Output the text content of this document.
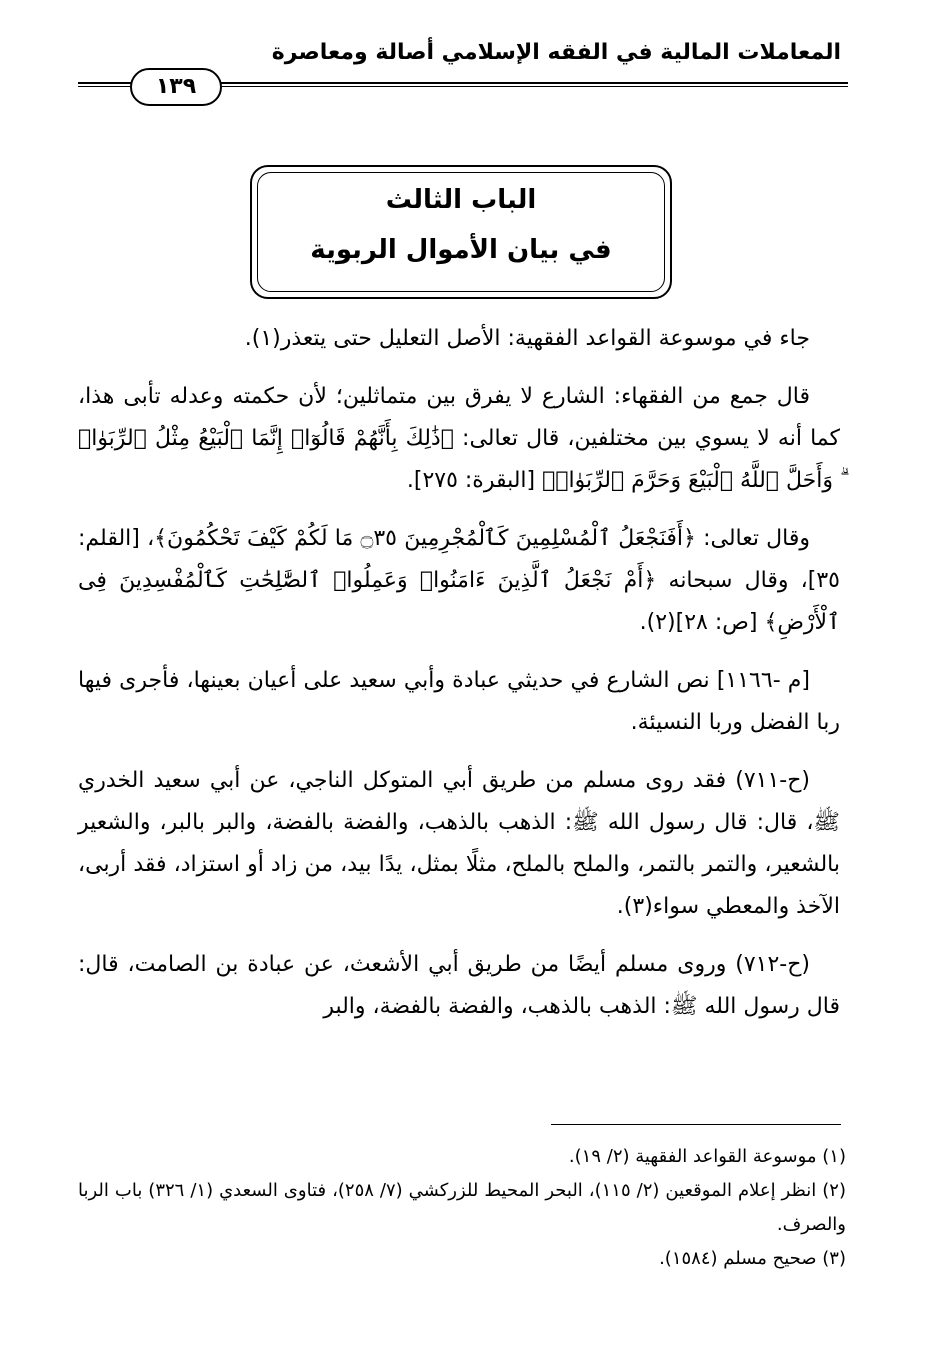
المعاملات المالية في الفقه الإسلامي أصالة ومعاصرة
١٣٩
الباب الثالث
في بيان الأموال الربوية

جاء في موسوعة القواعد الفقهية: الأصل التعليل حتى يتعذر(١).

قال جمع من الفقهاء: الشارع لا يفرق بين متماثلين؛ لأن حكمته وعدله تأبى هذا، كما أنه لا يسوي بين مختلفين، قال تعالى: ﴿ذَٰلِكَ بِأَنَّهُمْ قَالُوٓا۟ إِنَّمَا ٱلْبَيْعُ مِثْلُ ٱلرِّبَوٰا۟ ۗ وَأَحَلَّ ٱللَّهُ ٱلْبَيْعَ وَحَرَّمَ ٱلرِّبَوٰا۟﴾ [البقرة: ٢٧٥].

وقال تعالى: ﴿أَفَنَجْعَلُ ٱلْمُسْلِمِينَ كَٱلْمُجْرِمِينَ ۝٣٥ مَا لَكُمْ كَيْفَ تَحْكُمُونَ﴾، [القلم: ٣٥]، وقال سبحانه ﴿أَمْ نَجْعَلُ ٱلَّذِينَ ءَامَنُوا۟ وَعَمِلُوا۟ ٱلصَّٰلِحَٰتِ كَٱلْمُفْسِدِينَ فِى ٱلْأَرْضِ﴾ [ص: ٢٨](٢).

[م -١١٦٦] نص الشارع في حديثي عبادة وأبي سعيد على أعيان بعينها، فأجرى فيها ربا الفضل وربا النسيئة.

(ح-٧١١) فقد روى مسلم من طريق أبي المتوكل الناجي، عن أبي سعيد الخدري ﷺ، قال: قال رسول الله ﷺ: الذهب بالذهب، والفضة بالفضة، والبر بالبر، والشعير بالشعير، والتمر بالتمر، والملح بالملح، مثلًا بمثل، يدًا بيد، من زاد أو استزاد، فقد أربى، الآخذ والمعطي سواء(٣).

(ح-٧١٢) وروى مسلم أيضًا من طريق أبي الأشعث، عن عبادة بن الصامت، قال: قال رسول الله ﷺ: الذهب بالذهب، والفضة بالفضة، والبر

(١) موسوعة القواعد الفقهية (٢/ ١٩).
(٢) انظر إعلام الموقعين (٢/ ١١٥)، البحر المحيط للزركشي (٧/ ٢٥٨)، فتاوى السعدي (١/ ٣٢٦) باب الربا والصرف.
(٣) صحيح مسلم (١٥٨٤).
